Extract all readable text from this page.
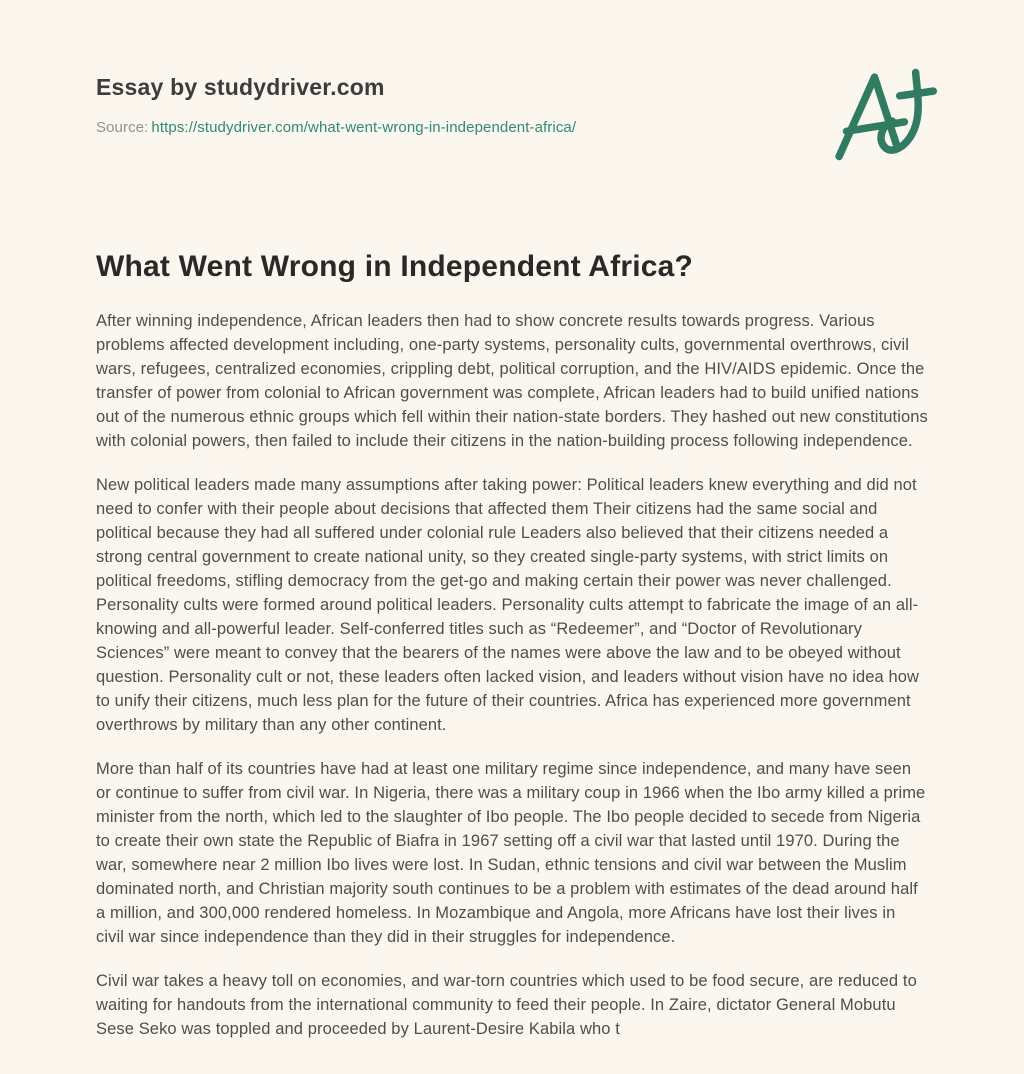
Essay by studydriver.com

Source: https://studydriver.com/what-went-wrong-in-independent-africa/

What Went Wrong in Independent Africa?

After winning independence, African leaders then had to show concrete results towards progress. Various problems affected development including, one-party systems, personality cults, governmental overthrows, civil wars, refugees, centralized economies, crippling debt, political corruption, and the HIV/AIDS epidemic. Once the transfer of power from colonial to African government was complete, African leaders had to build unified nations out of the numerous ethnic groups which fell within their nation-state borders. They hashed out new constitutions with colonial powers, then failed to include their citizens in the nation-building process following independence.

New political leaders made many assumptions after taking power: Political leaders knew everything and did not need to confer with their people about decisions that affected them Their citizens had the same social and political because they had all suffered under colonial rule Leaders also believed that their citizens needed a strong central government to create national unity, so they created single-party systems, with strict limits on political freedoms, stifling democracy from the get-go and making certain their power was never challenged. Personality cults were formed around political leaders. Personality cults attempt to fabricate the image of an all-knowing and all-powerful leader. Self-conferred titles such as “Redeemer”, and “Doctor of Revolutionary Sciences” were meant to convey that the bearers of the names were above the law and to be obeyed without question. Personality cult or not, these leaders often lacked vision, and leaders without vision have no idea how to unify their citizens, much less plan for the future of their countries. Africa has experienced more government overthrows by military than any other continent.

More than half of its countries have had at least one military regime since independence, and many have seen or continue to suffer from civil war. In Nigeria, there was a military coup in 1966 when the Ibo army killed a prime minister from the north, which led to the slaughter of Ibo people. The Ibo people decided to secede from Nigeria to create their own state the Republic of Biafra in 1967 setting off a civil war that lasted until 1970. During the war, somewhere near 2 million Ibo lives were lost. In Sudan, ethnic tensions and civil war between the Muslim dominated north, and Christian majority south continues to be a problem with estimates of the dead around half a million, and 300,000 rendered homeless. In Mozambique and Angola, more Africans have lost their lives in civil war since independence than they did in their struggles for independence.

Civil war takes a heavy toll on economies, and war-torn countries which used to be food secure, are reduced to waiting for handouts from the international community to feed their people. In Zaire, dictator General Mobutu Sese Seko was toppled and proceeded by Laurent-Desire Kabila who t
